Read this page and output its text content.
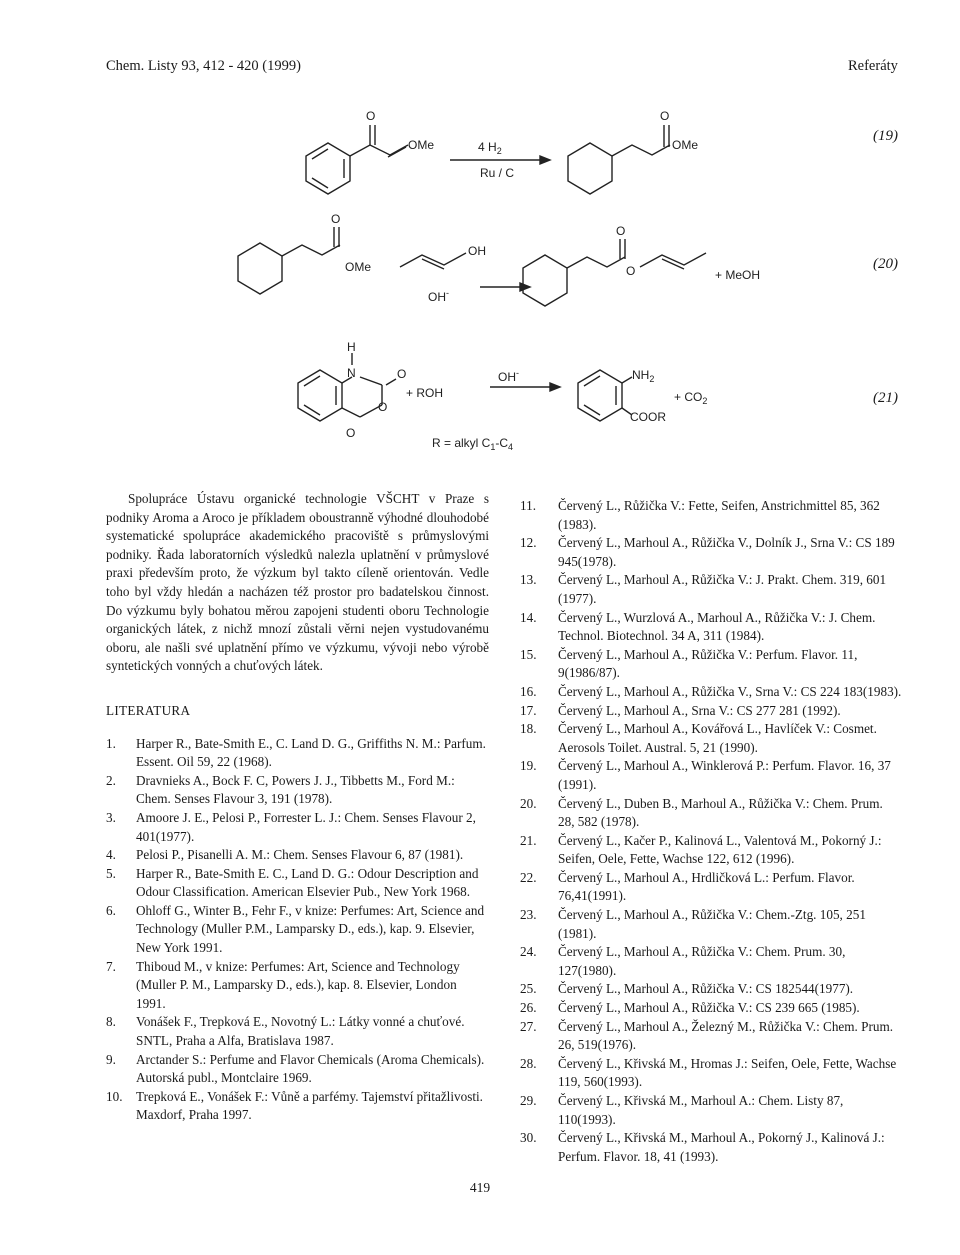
Chem. Listy 93, 412 - 420 (1999)	Referáty
O
OMe	4 $H_2$
Ru / C
O
OMe
O
OMe
OH
OH-
O
O	+ MeOH
H
N	O
O
O
+ ROH
OH-	$NH_2$
+ $CO_2$
COOR
R = alkyl $C_1-C_4$
(19)
(20)
(21)

Spolupráce Ústavu organické technologie VŠCHT v Praze s podniky Aroma a Aroco je příkladem oboustranně výhodné dlouhodobé systematické spolupráce akademického pracoviště s průmyslovými podniky. Řada laboratorních výsledků nalezla uplatnění v průmyslové praxi především proto, že výzkum byl takto cíleně orientován. Vedle toho byl vždy hledán a nacházen též prostor pro badatelskou činnost. Do výzkumu byly bohatou měrou zapojeni studenti oboru Technologie organických látek, z nichž mnozí zůstali věrni nejen vystudovanému oboru, ale našli své uplatnění přímo ve výzkumu, vývoji nebo výrobě syntetických vonných a chuťových látek.

LITERATURA
1. Harper R., Bate-Smith E., C. Land D. G., Griffiths N. M.: Parfum. Essent. Oil 59, 22 (1968).
2. Dravnieks A., Bock F. C, Powers J. J., Tibbetts M., Ford M.: Chem. Senses Flavour 3, 191 (1978).
3. Amoore J. E., Pelosi P., Forrester L. J.: Chem. Senses Flavour 2, 401(1977).
4. Pelosi P., Pisanelli A. M.: Chem. Senses Flavour 6, 87 (1981).
5. Harper R., Bate-Smith E. C., Land D. G.: Odour Description and Odour Classification. American Elsevier Pub., New York 1968.
6. Ohloff G., Winter B., Fehr F., v knize: Perfumes: Art, Science and Technology (Muller P.M., Lamparsky D., eds.), kap. 9. Elsevier, New York 1991.
7. Thiboud M., v knize: Perfumes: Art, Science and Technology (Muller P. M., Lamparsky D., eds.), kap. 8. Elsevier, London 1991.
8. Vonášek F., Trepková E., Novotný L.: Látky vonné a chuťové. SNTL, Praha a Alfa, Bratislava 1987.
9. Arctander S.: Perfume and Flavor Chemicals (Aroma Chemicals). Autorská publ., Montclaire 1969.
10. Trepková E., Vonášek F.: Vůně a parfémy. Tajemství přitažlivosti. Maxdorf, Praha 1997.
11. Červený L., Růžička V.: Fette, Seifen, Anstrichmittel 85, 362 (1983).
12. Červený L., Marhoul A., Růžička V., Dolník J., Srna V.: CS 189 945(1978).
13. Červený L., Marhoul A., Růžička V.: J. Prakt. Chem. 319, 601 (1977).
14. Červený L., Wurzlová A., Marhoul A., Růžička V.: J. Chem. Technol. Biotechnol. 34 A, 311 (1984).
15. Červený L., Marhoul A., Růžička V.: Perfum. Flavor. 11, 9(1986/87).
16. Červený L., Marhoul A., Růžička V., Srna V.: CS 224 183(1983).
17. Červený L., Marhoul A., Srna V.: CS 277 281 (1992).
18. Červený L., Marhoul A., Kovářová L., Havlíček V.: Cosmet. Aerosols Toilet. Austral. 5, 21 (1990).
19. Červený L., Marhoul A., Winklerová P.: Perfum. Flavor. 16, 37 (1991).
20. Červený L., Duben B., Marhoul A., Růžička V.: Chem. Prum. 28, 582 (1978).
21. Červený L., Kačer P., Kalinová L., Valentová M., Pokorný J.: Seifen, Oele, Fette, Wachse 122, 612 (1996).
22. Červený L., Marhoul A., Hrdličková L.: Perfum. Flavor. 76,41(1991).
23. Červený L., Marhoul A., Růžička V.: Chem.-Ztg. 105, 251 (1981).
24. Červený L., Marhoul A., Růžička V.: Chem. Prum. 30, 127(1980).
25. Červený L., Marhoul A., Růžička V.: CS 182544(1977).
26. Červený L., Marhoul A., Růžička V.: CS 239 665 (1985).
27. Červený L., Marhoul A., Železný M., Růžička V.: Chem. Prum. 26, 519(1976).
28. Červený L., Křivská M., Hromas J.: Seifen, Oele, Fette, Wachse 119, 560(1993).
29. Červený L., Křivská M., Marhoul A.: Chem. Listy 87, 110(1993).
30. Červený L., Křivská M., Marhoul A., Pokorný J., Kalinová J.: Perfum. Flavor. 18, 41 (1993).
419
